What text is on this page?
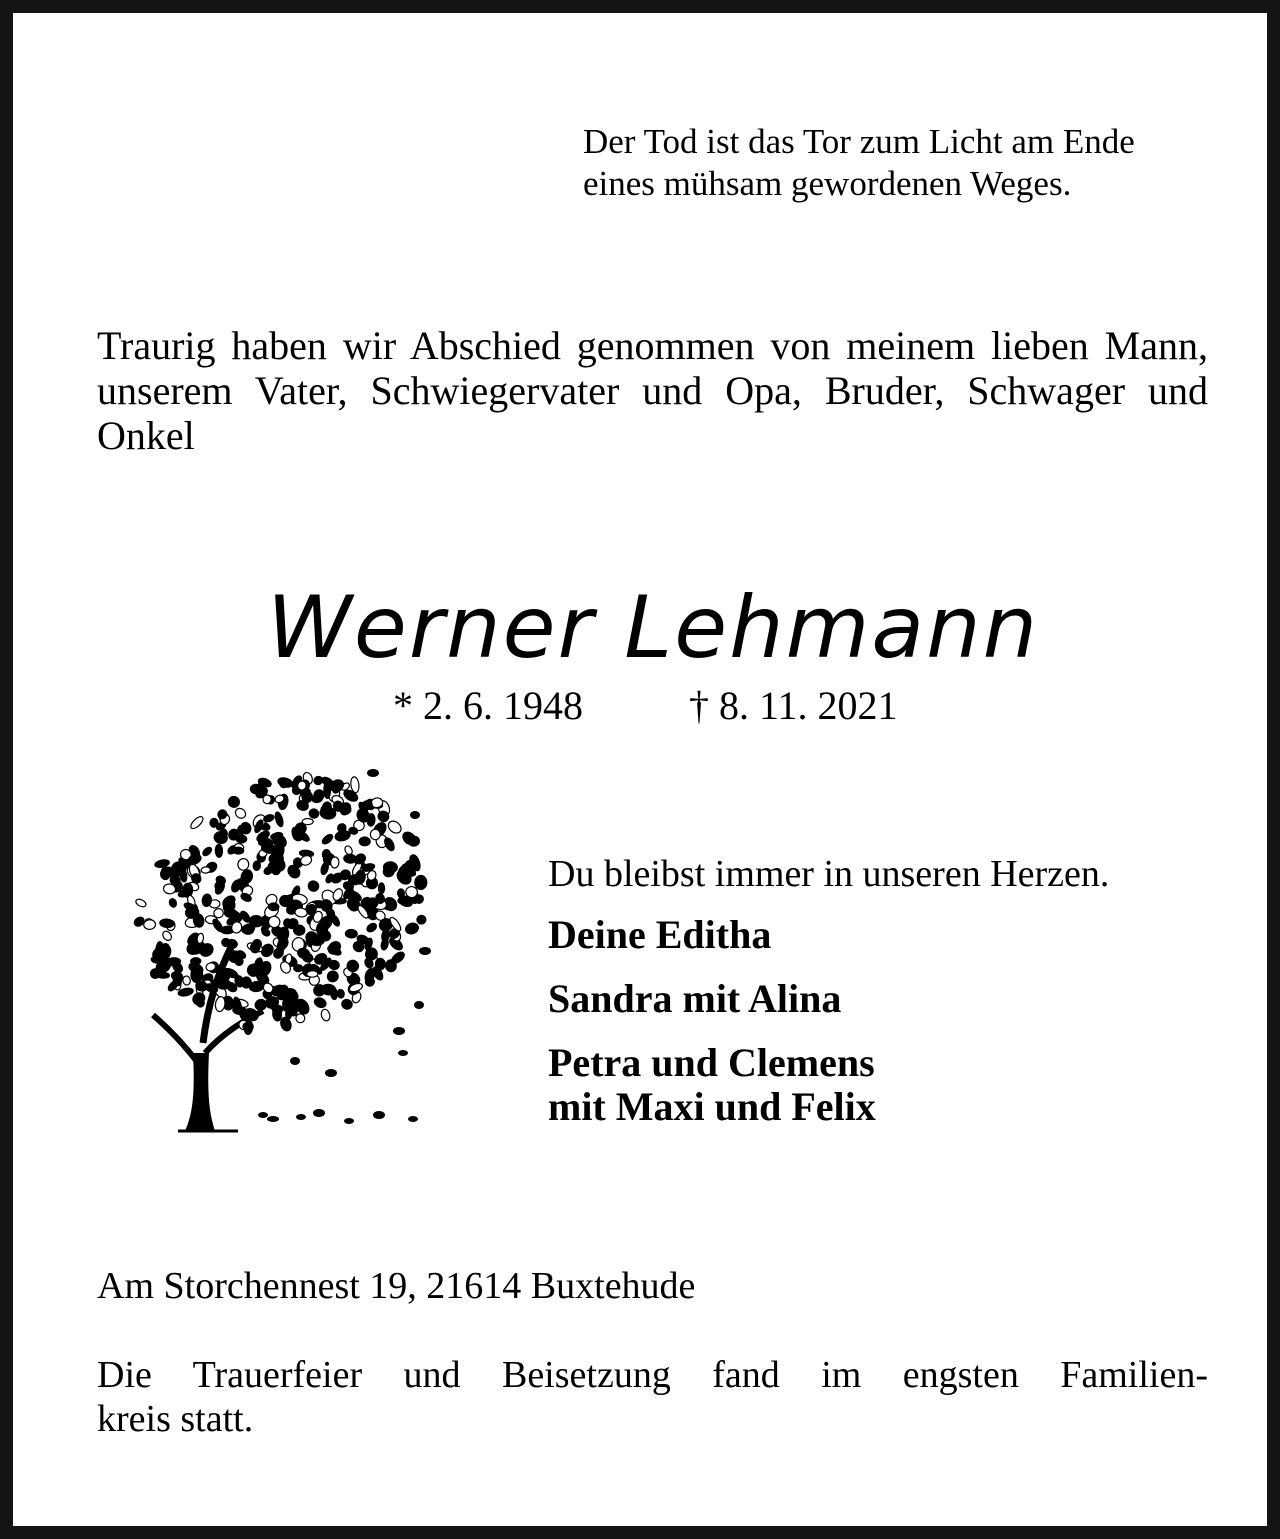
Der Tod ist das Tor zum Licht am Ende
eines mühsam gewordenen Weges.
Traurig haben wir Abschied genommen von meinem lieben Mann, unserem Vater, Schwiegervater und Opa, Bruder, Schwager und Onkel
Werner Lehmann
* 2. 6. 1948	† 8. 11. 2021
Du bleibst immer in unseren Herzen.
Deine Editha
Sandra mit Alina
Petra und Clemens
mit Maxi und Felix
Am Storchennest 19, 21614 Buxtehude
Die Trauerfeier und Beisetzung fand im engsten Familien-
kreis statt.
